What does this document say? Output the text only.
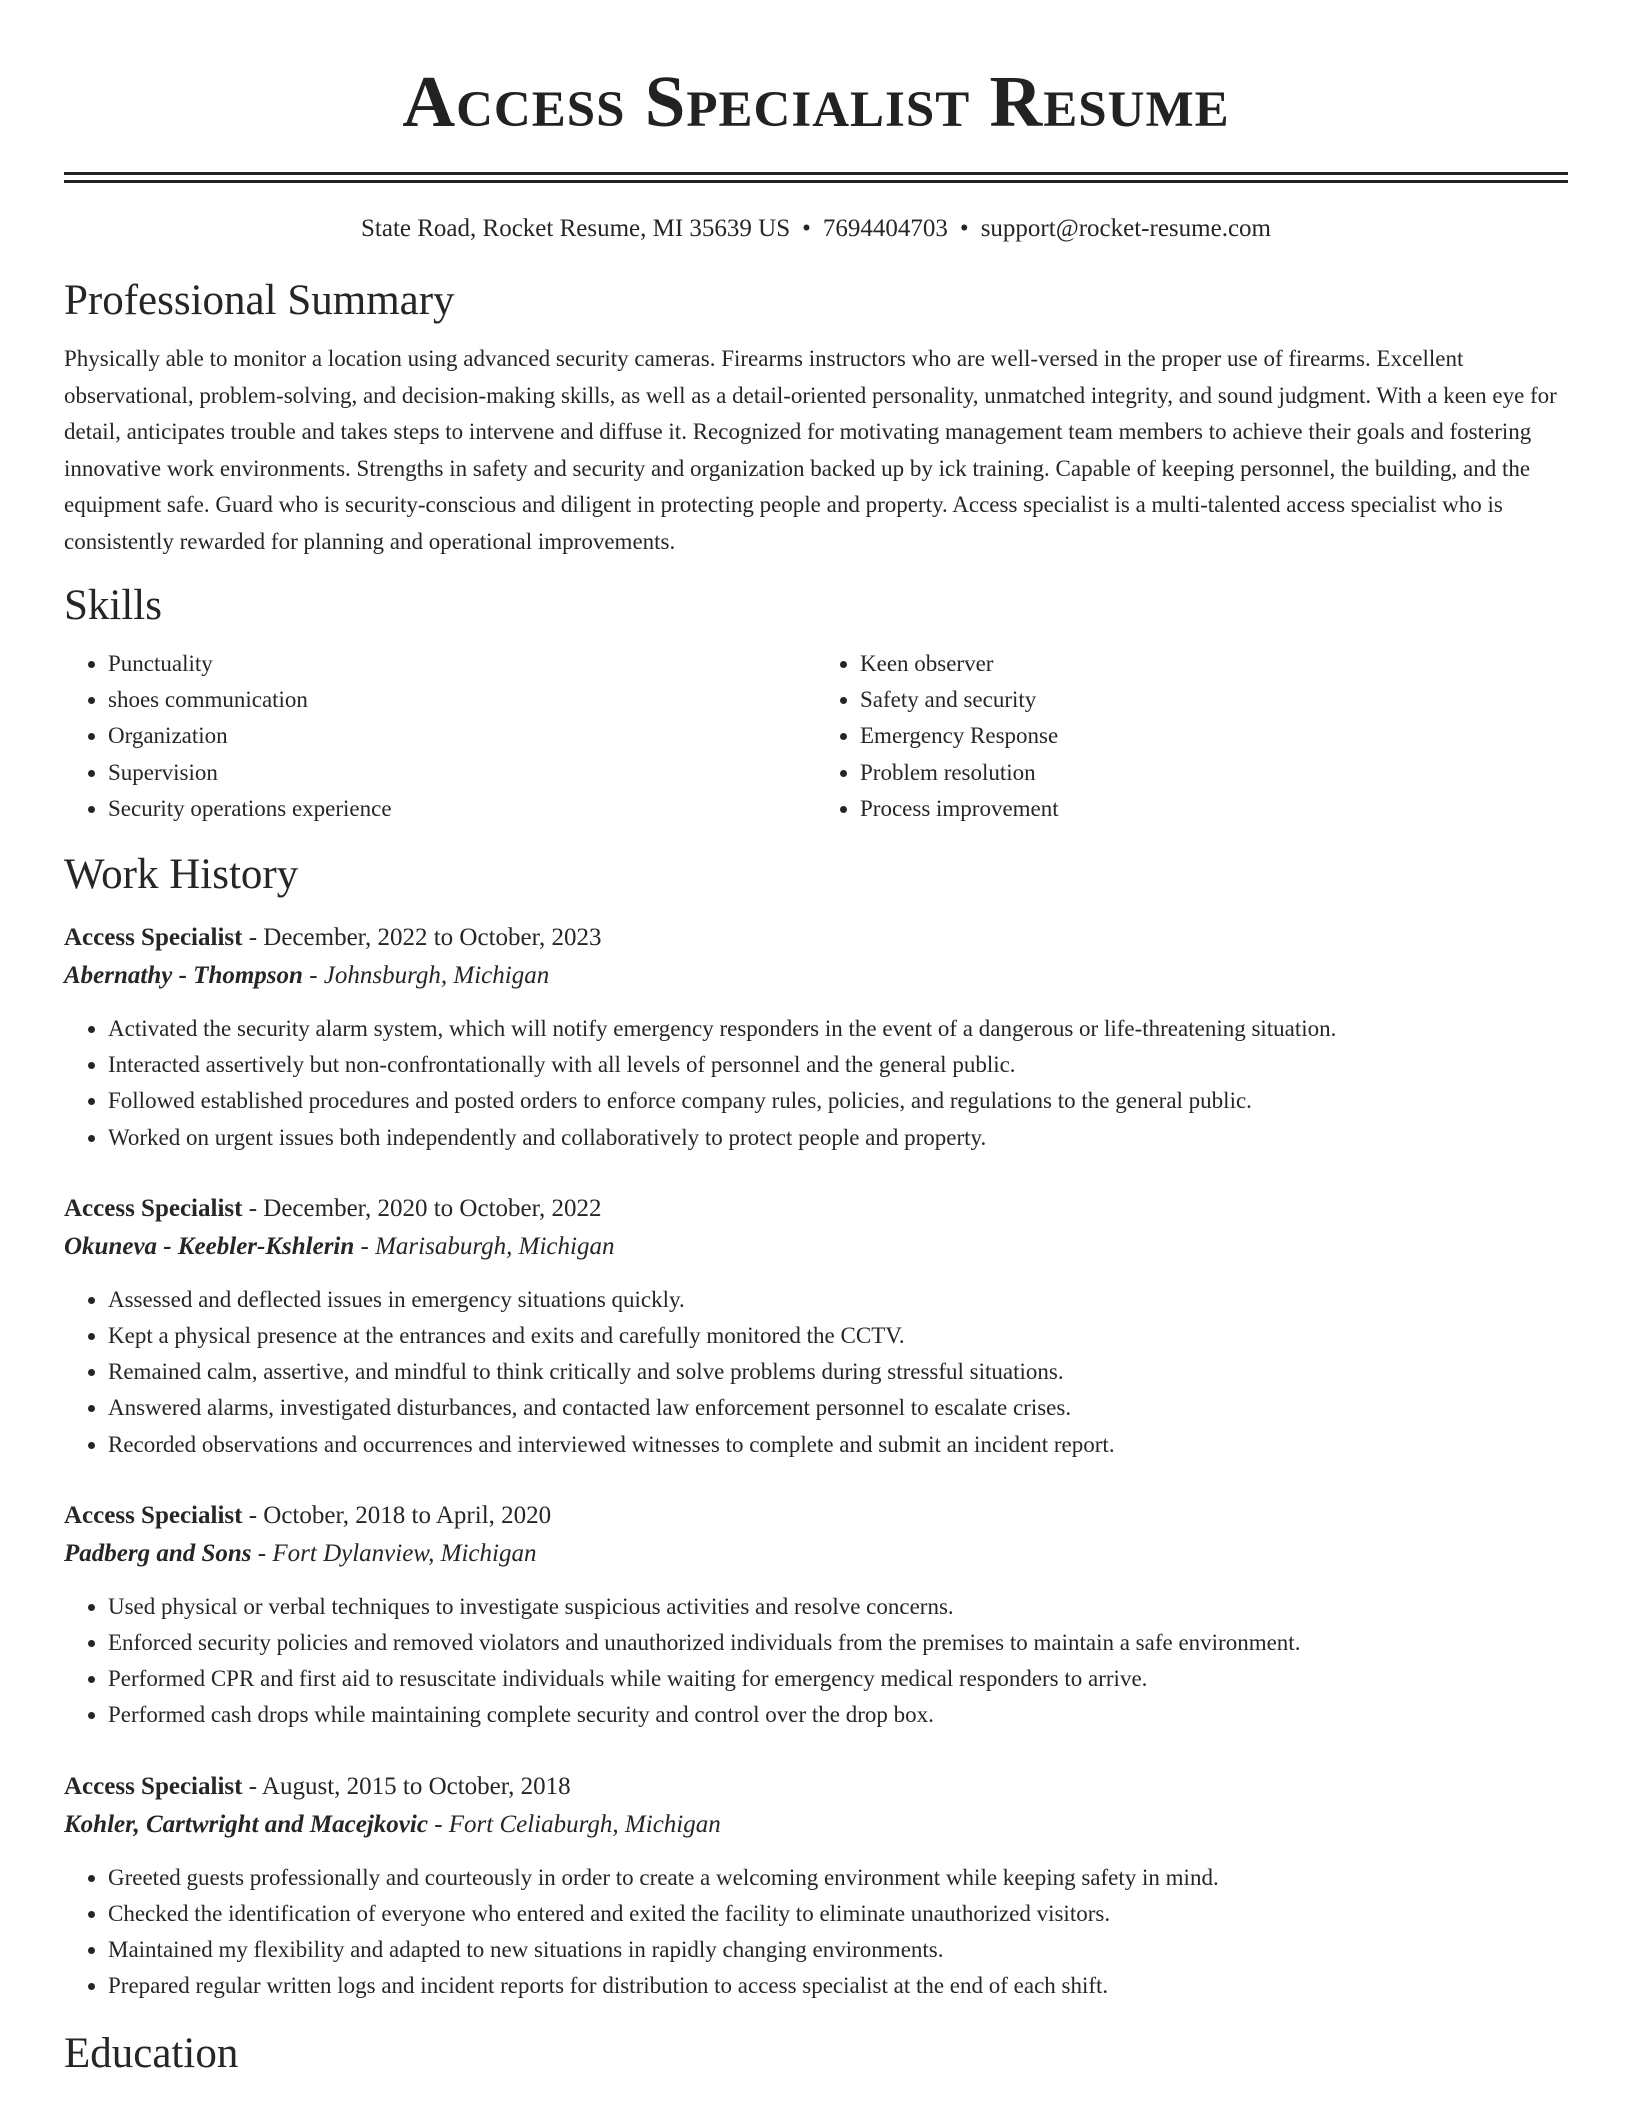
Access Specialist Resume
State Road, Rocket Resume, MI 35639 US • 7694404703 • support@rocket-resume.com
Professional Summary

Physically able to monitor a location using advanced security cameras. Firearms instructors who are well-versed in the proper use of firearms. Excellent observational, problem-solving, and decision-making skills, as well as a detail-oriented personality, unmatched integrity, and sound judgment. With a keen eye for detail, anticipates trouble and takes steps to intervene and diffuse it. Recognized for motivating management team members to achieve their goals and fostering innovative work environments. Strengths in safety and security and organization backed up by ick training. Capable of keeping personnel, the building, and the equipment safe. Guard who is security-conscious and diligent in protecting people and property. Access specialist is a multi-talented access specialist who is consistently rewarded for planning and operational improvements.

Skills
• Punctuality
• shoes communication
• Organization
• Supervision
• Security operations experience
• Keen observer
• Safety and security
• Emergency Response
• Problem resolution
• Process improvement
Work History
Access Specialist - December, 2022 to October, 2023
Abernathy - Thompson - Johnsburgh, Michigan
• Activated the security alarm system, which will notify emergency responders in the event of a dangerous or life-threatening situation.
• Interacted assertively but non-confrontationally with all levels of personnel and the general public.
• Followed established procedures and posted orders to enforce company rules, policies, and regulations to the general public.
• Worked on urgent issues both independently and collaboratively to protect people and property.
Access Specialist - December, 2020 to October, 2022
Okuneva - Keebler-Kshlerin - Marisaburgh, Michigan
• Assessed and deflected issues in emergency situations quickly.
• Kept a physical presence at the entrances and exits and carefully monitored the CCTV.
• Remained calm, assertive, and mindful to think critically and solve problems during stressful situations.
• Answered alarms, investigated disturbances, and contacted law enforcement personnel to escalate crises.
• Recorded observations and occurrences and interviewed witnesses to complete and submit an incident report.
Access Specialist - October, 2018 to April, 2020
Padberg and Sons - Fort Dylanview, Michigan
• Used physical or verbal techniques to investigate suspicious activities and resolve concerns.
• Enforced security policies and removed violators and unauthorized individuals from the premises to maintain a safe environment.
• Performed CPR and first aid to resuscitate individuals while waiting for emergency medical responders to arrive.
• Performed cash drops while maintaining complete security and control over the drop box.
Access Specialist - August, 2015 to October, 2018
Kohler, Cartwright and Macejkovic - Fort Celiaburgh, Michigan
• Greeted guests professionally and courteously in order to create a welcoming environment while keeping safety in mind.
• Checked the identification of everyone who entered and exited the facility to eliminate unauthorized visitors.
• Maintained my flexibility and adapted to new situations in rapidly changing environments.
• Prepared regular written logs and incident reports for distribution to access specialist at the end of each shift.
Education
